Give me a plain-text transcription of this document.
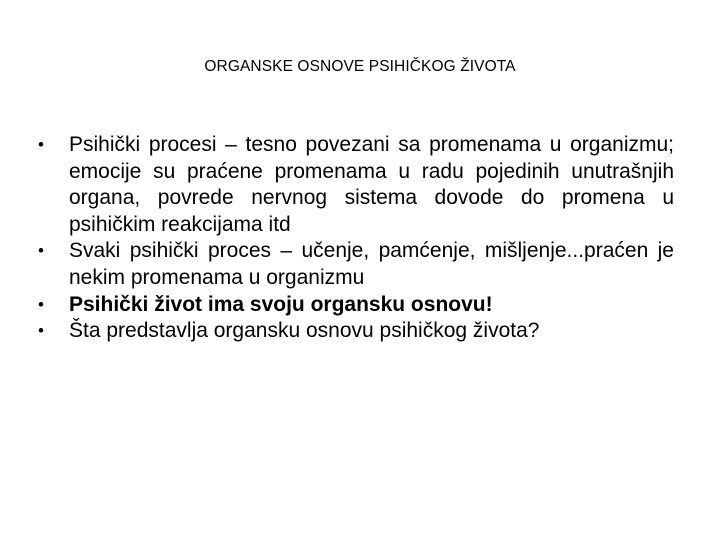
ORGANSKE OSNOVE PSIHIČKOG ŽIVOTA
•	Psihički procesi – tesno povezani sa promenama u organizmu; emocije su praćene promenama u radu pojedinih unutrašnjih organa, povrede nervnog sistema dovode do promena u psihičkim reakcijama itd
•	Svaki psihički proces – učenje, pamćenje, mišljenje...praćen je nekim promenama u organizmu
•	Psihički život ima svoju organsku osnovu!
•	Šta predstavlja organsku osnovu psihičkog života?
